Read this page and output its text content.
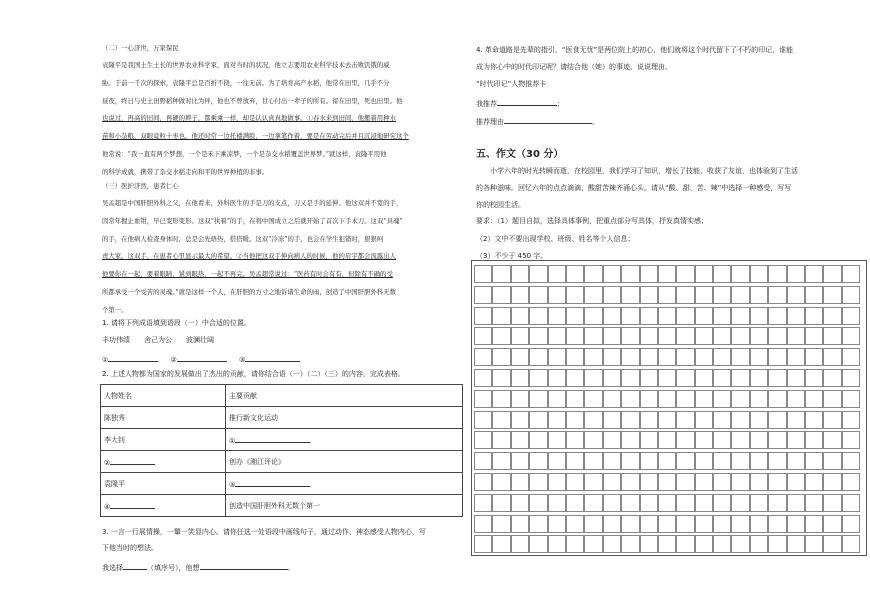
（二）一心济世，万家保民
袁隆平是我国土生土长的世界农业科学家，面对当时的状况，他立志要用农业科学技术去击败饥饿的威
胁。于前一千次的探索，袁隆平总是百折不挠，一往无前。为了培育高产水稻，他常在田里，几乎不分
昼夜，终日与史土田野稻种做对比为伴，他也不曾放弃，甘心付出一辈子的所有。留在田里，死也田里。他
也说过，再高的田间，再硬的辫子，都乘乘一样，却是认认真真地做事。①春水来到田间，他搬着用种水
苗和小杂粮，双眼竟粒十枣也。他还时常一边托楼满脸，一边拿笔作着，要是在劳动完后并且沉浸地研究这个
他常说：“我一直有两个梦想，一个是禾下乘凉梦，一个是杂交水稻覆盖世界梦。”就这样，袁隆平用他
的科学成就，携带了杂交水稻走向和平的世界种植的非事。
（三）医护济然，患者仁心
吴孟超是中国肝胆外科之父，在他看来，外科医生的手是刀的支点，刀又是手的延伸。他这双并不宽的手，
因常年握止血钳，早已变形变形。这双“执着”的手，在将中国成立之后就开始了首次下手术刀。这双“具魂”
的手，在他病人检查身体时，总是会先焐热，搭搭暖。这双“冷冻”的手，也会在学生犯错时，狠狠呵
责大家。这双手，在患者心里显示最大的希望。②当他把这双手伸向病人的时候，他的眉宇都会流露出人
他要你在一起，要着眼睛，紧到眼热，一起不再完。吴孟超常说过：“医药有时会有有，但除有不确的受
所都承受一个受苦的灵魂。”就是这样一个人，在肝胆的方寸之地诉诸生命的雨，创造了中国肝胆外科无数
个第一。
1. 请将下列成语填到语段（一）中合适的位置。
丰功伟绩　　舍己为公　　波澜壮阔
①	②	③
2. 上述人物都为国家的发展做出了杰出的贡献，请你结合语（一）（二）（三）的内容，完成表格。
人物姓名	主要贡献
陈独秀	推行新文化运动
李大钊	①
②	创办《湘江评论》
袁隆平	③
④	创造中国肝胆外科无数个第一
3. 一言一行展情操，一颦一笑显内心。请你任选一处语段中画线句子，通过动作、神态感受人物内心，写
下他当时的想法。
我选择	（填序号），他想	。
4. 革命道路是先辈的指引，“医食无忧”是两位院上的初心，他们就将这个时代留下了不朽的印记，谁能
成为你心中的时代印记呢？请结合他（她）的事迹，说说理由。
“时代印记”人物推荐卡
我推荐	；
推荐理由	。
五、作文（30 分）
　　小学六年的时光转瞬而逝，在校园里，我们学习了知识，增长了技能，收获了友谊，也体验到了生活
的各种滋味。回忆六年的点点滴滴，酸甜苦辣齐涌心头。请从“酸、甜、苦、辣”中选择一种感受，写写
你的校园生活。
要求：（1）题目自拟，选择具体事例，把重点部分写具体，抒发真情实感；
（2）文中不要出现学校、班级、姓名等个人信息；
（3）不少于 450 字。
